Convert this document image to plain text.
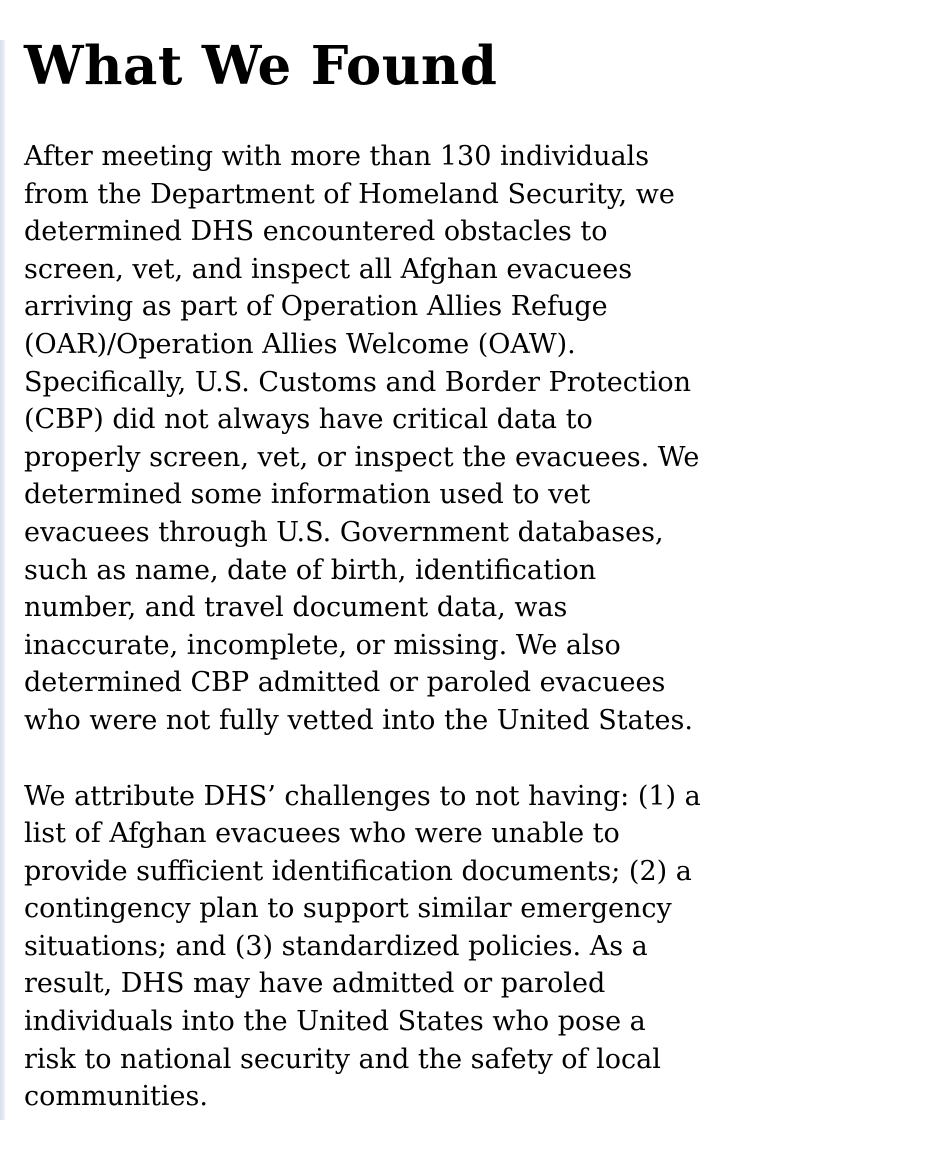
What We Found

After meeting with more than 130 individuals
from the Department of Homeland Security, we
determined DHS encountered obstacles to
screen, vet, and inspect all Afghan evacuees
arriving as part of Operation Allies Refuge
(OAR)/Operation Allies Welcome (OAW).
Specifically, U.S. Customs and Border Protection
(CBP) did not always have critical data to
properly screen, vet, or inspect the evacuees. We
determined some information used to vet
evacuees through U.S. Government databases,
such as name, date of birth, identification
number, and travel document data, was
inaccurate, incomplete, or missing. We also
determined CBP admitted or paroled evacuees
who were not fully vetted into the United States.

We attribute DHS’ challenges to not having: (1) a
list of Afghan evacuees who were unable to
provide sufficient identification documents; (2) a
contingency plan to support similar emergency
situations; and (3) standardized policies. As a
result, DHS may have admitted or paroled
individuals into the United States who pose a
risk to national security and the safety of local
communities.
